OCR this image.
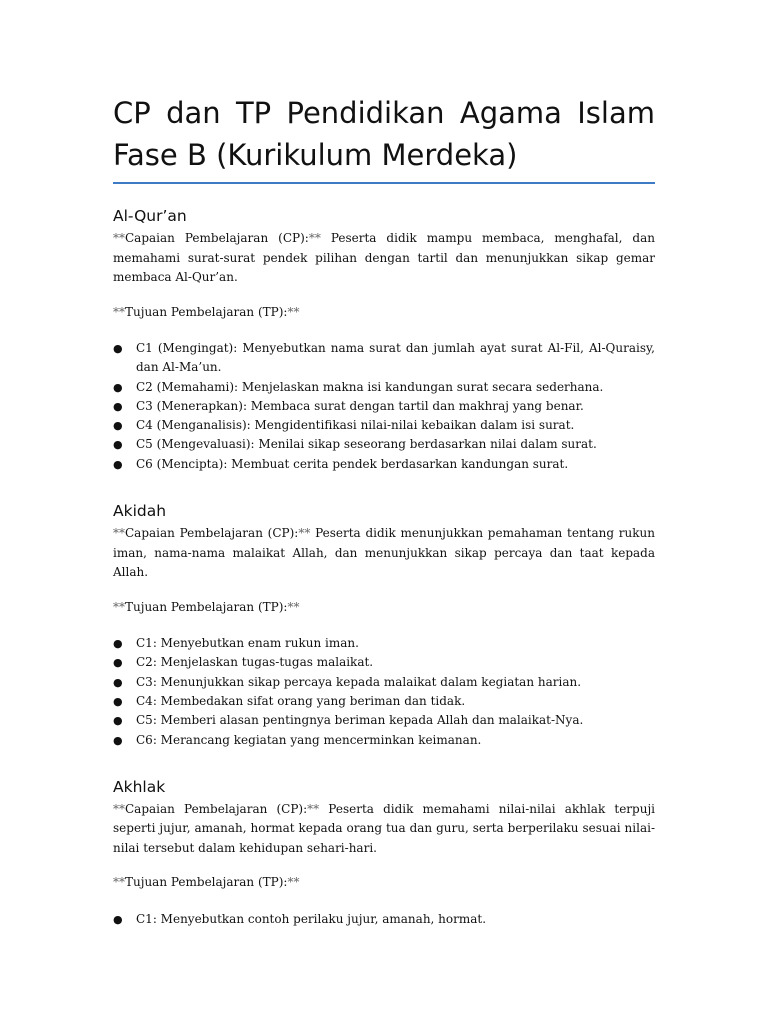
CP dan TP Pendidikan Agama Islam Fase B (Kurikulum Merdeka)
Al-Qur’an

**Capaian Pembelajaran (CP):** Peserta didik mampu membaca, menghafal, dan memahami surat-surat pendek pilihan dengan tartil dan menunjukkan sikap gemar membaca Al-Qur’an.

**Tujuan Pembelajaran (TP):**

● C1 (Mengingat): Menyebutkan nama surat dan jumlah ayat surat Al-Fil, Al-Quraisy, dan Al-Ma’un.
● C2 (Memahami): Menjelaskan makna isi kandungan surat secara sederhana.
● C3 (Menerapkan): Membaca surat dengan tartil dan makhraj yang benar.
● C4 (Menganalisis): Mengidentifikasi nilai-nilai kebaikan dalam isi surat.
● C5 (Mengevaluasi): Menilai sikap seseorang berdasarkan nilai dalam surat.
● C6 (Mencipta): Membuat cerita pendek berdasarkan kandungan surat.
Akidah

**Capaian Pembelajaran (CP):** Peserta didik menunjukkan pemahaman tentang rukun iman, nama-nama malaikat Allah, dan menunjukkan sikap percaya dan taat kepada Allah.

**Tujuan Pembelajaran (TP):**

● C1: Menyebutkan enam rukun iman.
● C2: Menjelaskan tugas-tugas malaikat.
● C3: Menunjukkan sikap percaya kepada malaikat dalam kegiatan harian.
● C4: Membedakan sifat orang yang beriman dan tidak.
● C5: Memberi alasan pentingnya beriman kepada Allah dan malaikat-Nya.
● C6: Merancang kegiatan yang mencerminkan keimanan.
Akhlak

**Capaian Pembelajaran (CP):** Peserta didik memahami nilai-nilai akhlak terpuji seperti jujur, amanah, hormat kepada orang tua dan guru, serta berperilaku sesuai nilai-nilai tersebut dalam kehidupan sehari-hari.

**Tujuan Pembelajaran (TP):**

● C1: Menyebutkan contoh perilaku jujur, amanah, hormat.
